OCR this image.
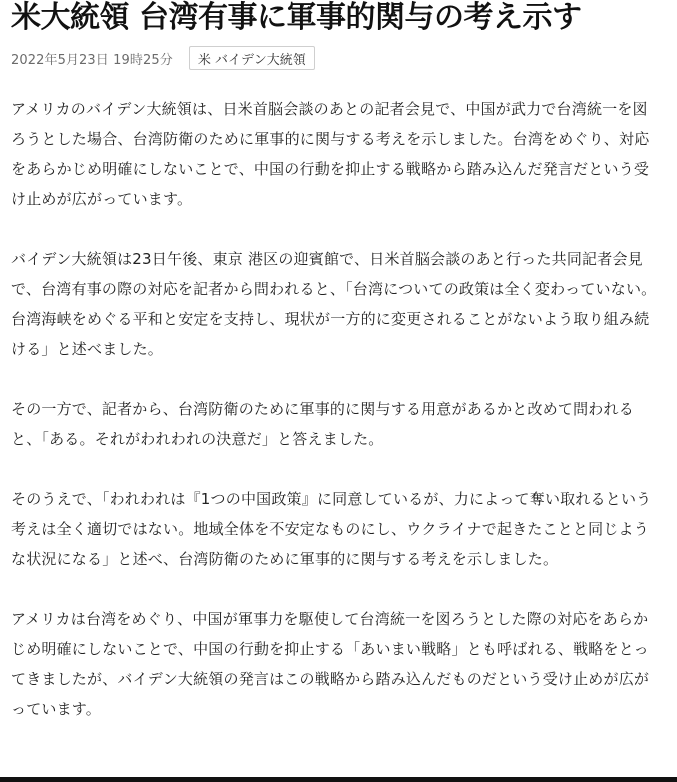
米大統領 台湾有事に軍事的関与の考え示す
2022年5月23日 19時25分	米 バイデン大統領

アメリカのバイデン大統領は、日米首脳会談のあとの記者会見で、中国が武力で台湾統一を図ろうとした場合、台湾防衛のために軍事的に関与する考えを示しました。台湾をめぐり、対応をあらかじめ明確にしないことで、中国の行動を抑止する戦略から踏み込んだ発言だという受け止めが広がっています。

バイデン大統領は23日午後、東京 港区の迎賓館で、日米首脳会談のあと行った共同記者会見で、台湾有事の際の対応を記者から問われると、「台湾についての政策は全く変わっていない。台湾海峡をめぐる平和と安定を支持し、現状が一方的に変更されることがないよう取り組み続ける」と述べました。

その一方で、記者から、台湾防衛のために軍事的に関与する用意があるかと改めて問われると、「ある。それがわれわれの決意だ」と答えました。

そのうえで、「われわれは『1つの中国政策』に同意しているが、力によって奪い取れるという考えは全く適切ではない。地域全体を不安定なものにし、ウクライナで起きたことと同じような状況になる」と述べ、台湾防衛のために軍事的に関与する考えを示しました。

アメリカは台湾をめぐり、中国が軍事力を駆使して台湾統一を図ろうとした際の対応をあらかじめ明確にしないことで、中国の行動を抑止する「あいまい戦略」とも呼ばれる、戦略をとってきましたが、バイデン大統領の発言はこの戦略から踏み込んだものだという受け止めが広がっています。
